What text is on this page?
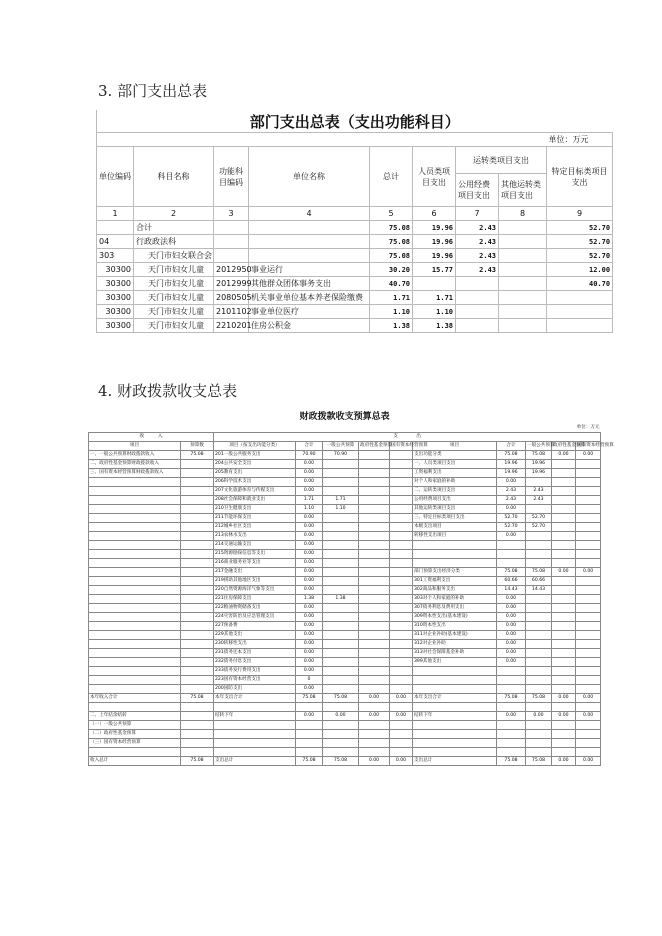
3. 部门支出总表
部门支出总表（支出功能科目）								
								单位：万元
单位编码	科目名称	功能科目编码	单位名称	总计	人员类项目支出	运转类项目支出		特定目标类项目支出
						公用经费项目支出	其他运转类项目支出	
1	2	3	4	5	6	7	8	9
	合计			75.08	19.96	2.43		52.70
04	行政政法科			75.08	19.96	2.43		52.70
303	天门市妇女联合会			75.08	19.96	2.43		52.70
30300	天门市妇女儿童	2012950	事业运行	30.20	15.77	2.43		12.00
30300	天门市妇女儿童	2012999	其他群众团体事务支出	40.70				40.70
30300	天门市妇女儿童	2080505	机关事业单位基本养老保险缴费	1.71	1.71			
30300	天门市妇女儿童	2101102	事业单位医疗	1.10	1.10			
30300	天门市妇女儿童	2210201	住房公积金	1.38	1.38			
4. 财政拨款收支总表
财政拨款收支预算总表											
										单位：万元	
收　　　入		支　　　　出									
项目	预算数	项目（按支出功能分类）	合计	一般公共预算	政府性基金预算	国有资本经营预算	项目	合计	一般公共预算	政府性基金预算	国有资本经营预算
一、一般公共预算财政拨款收入	75.08	201一般公共服务支出	70.90	70.90			支出功能分类	75.08	75.08	0.00	0.00
二、政府性基金预算财政拨款收入		204公共安全支出	0.00				一、人员类项目支出	19.96	19.96		
三、国有资本经营预算财政拨款收入		205教育支出	0.00				工资福利支出	19.96	19.96		
		206科学技术支出	0.00				对个人和家庭的补助	0.00			
		207文化旅游体育与传媒支出	0.00				二、运转类项目支出	2.43	2.43		
		208社会保障和就业支出	1.71	1.71			公用经费项目支出	2.43	2.43		
		210卫生健康支出	1.10	1.10			其他运转类项目支出	0.00			
		211节能环保支出	0.00				三、特定目标类项目支出	52.70	52.70		
		212城乡社区支出	0.00				本级支出项目	52.70	52.70		
		213农林水支出	0.00				转移性支出项目	0.00			
		214交通运输支出	0.00								
		215资源勘探信息等支出	0.00								
		216商业服务业等支出	0.00								
		217金融支出	0.00				部门预算支出经济分类	75.08	75.08	0.00	0.00
		219援助其他地区支出	0.00				301工资福利支出	60.66	60.66		
		220自然资源海洋气象等支出	0.00				302商品和服务支出	14.43	14.43		
		221住房保障支出	1.38	1.38			303对个人和家庭的补助	0.00			
		222粮油物资储备支出	0.00				307债务利息及费用支出	0.00			
		224灾害防治及应急管理支出	0.00				309资本性支出(基本建设)	0.00			
		227预备费	0.00				310资本性支出	0.00			
		229其他支出	0.00				311对企业补助(基本建设)	0.00			
		230转移性支出	0.00				312对企业补助	0.00			
		231债务还本支出	0.00				313对社会保障基金补助	0.00			
		232债务付息支出	0.00				399其他支出	0.00			
		233债务发行费用支出	0.00								
		223国有资本经营支出	0								
		200国防支出	0.00								
本年收入合计	75.08	本年支出合计	75.08	75.08	0.00	0.00	本年支出合计	75.08	75.08	0.00	0.00

二、上年结余结转		结转下年	0.00	0.00	0.00	0.00	结转下年	0.00	0.00	0.00	0.00
（一）一般公共预算											
（二）政府性基金预算											
（三）国有资本经营预算											

收入总计	75.08	支出总计	75.08	75.08	0.00	0.00	支出总计	75.08	75.08	0.00	0.00
